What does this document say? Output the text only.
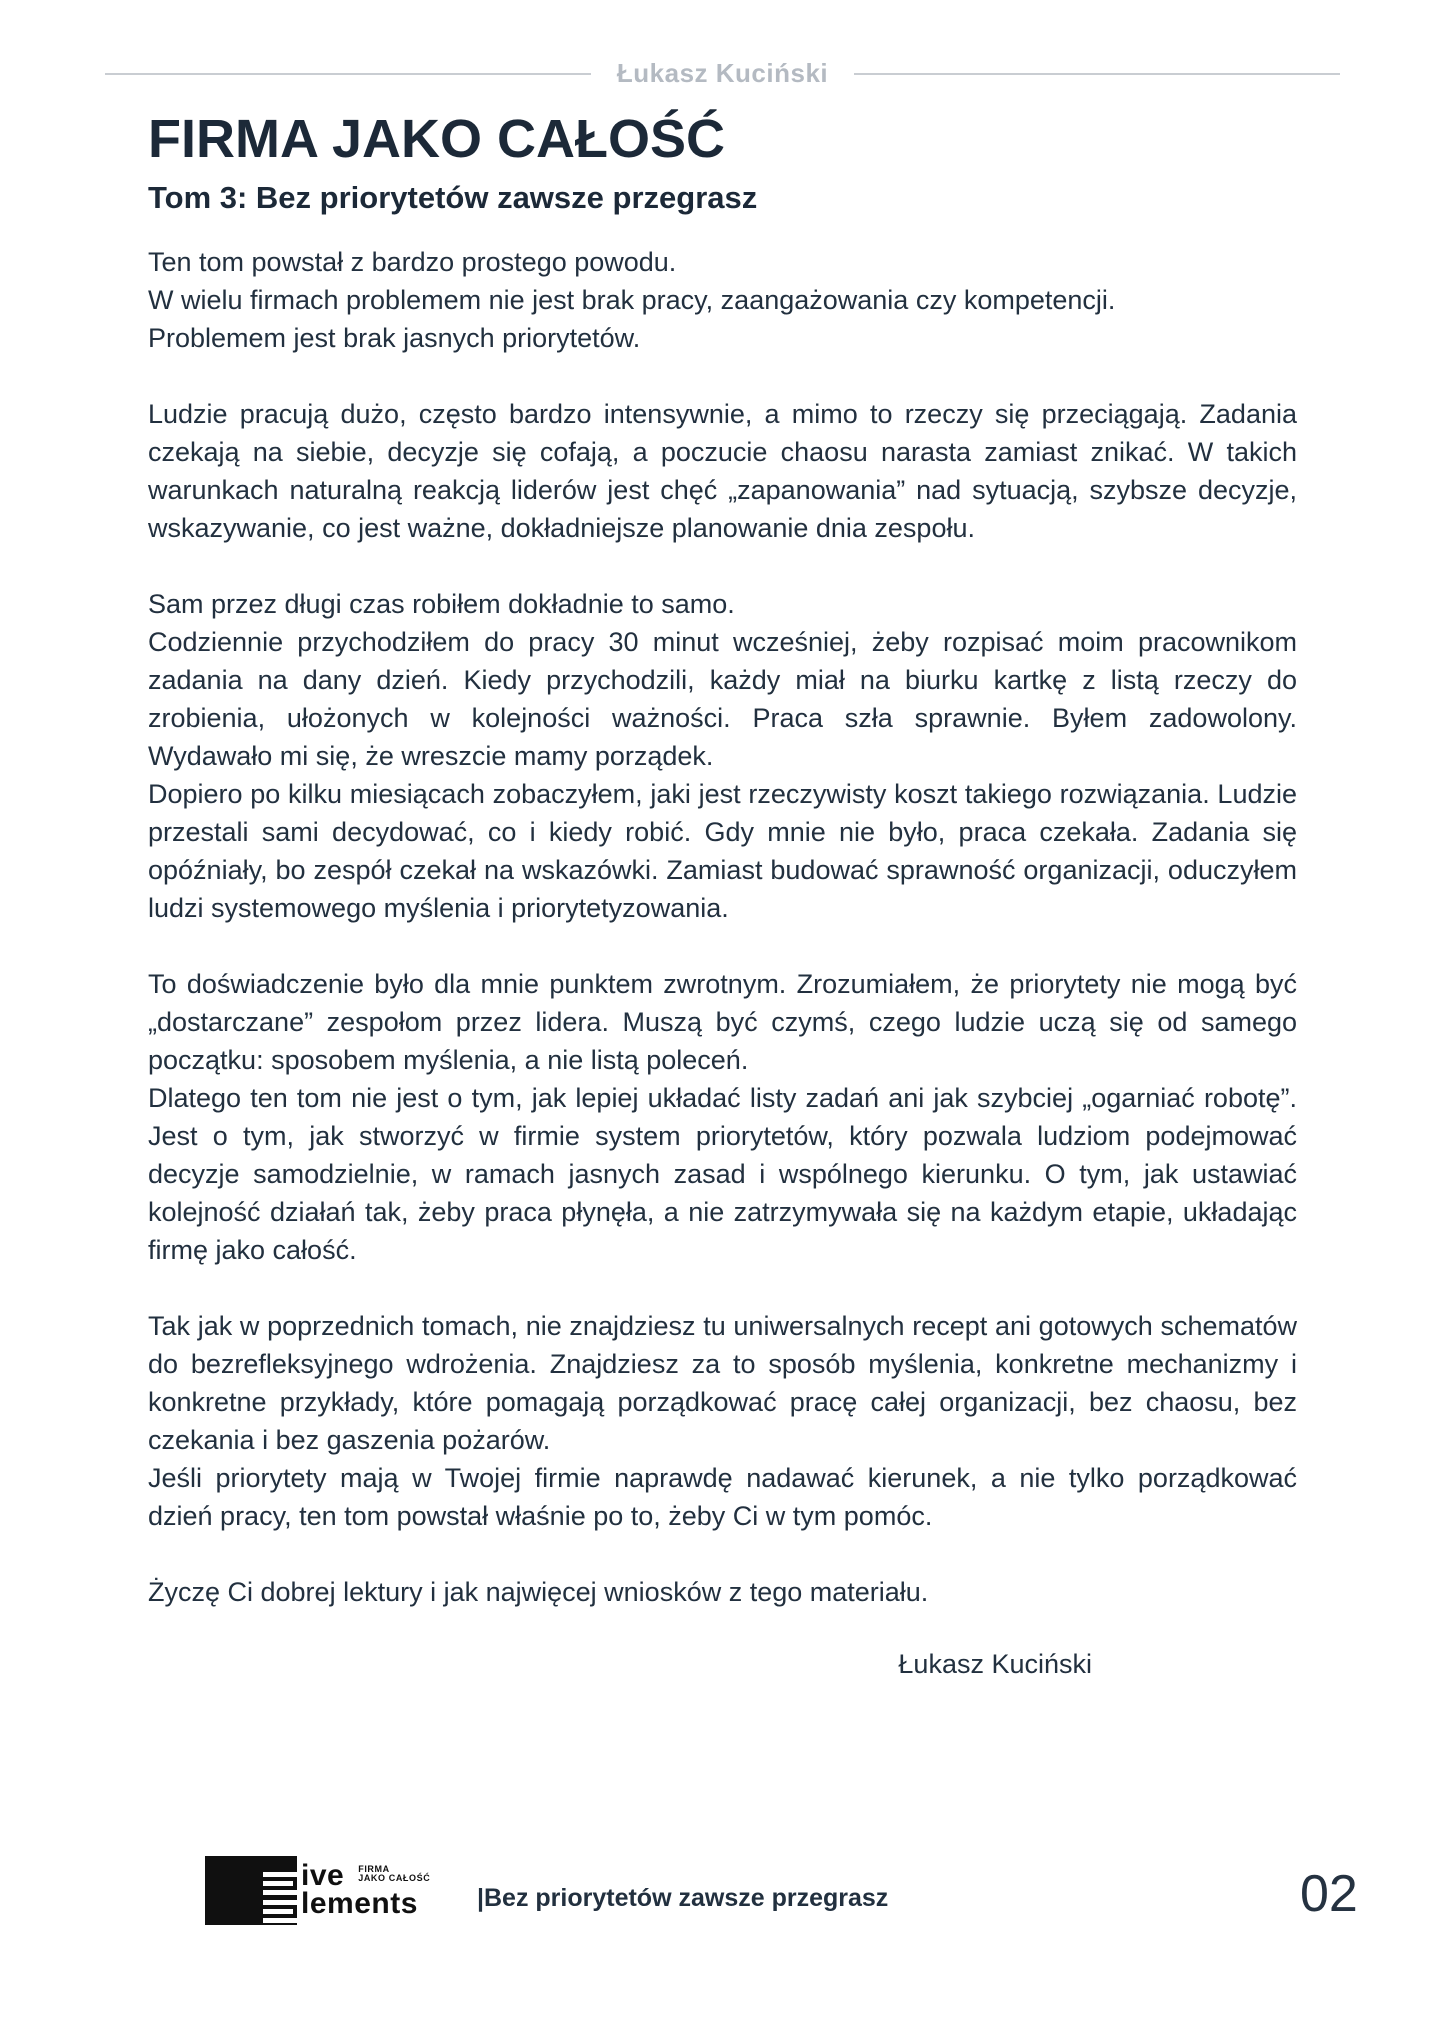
Łukasz Kuciński
FIRMA JAKO CAŁOŚĆ
Tom 3: Bez priorytetów zawsze przegrasz
Ten tom powstał z bardzo prostego powodu.
W wielu firmach problemem nie jest brak pracy, zaangażowania czy kompetencji.
Problemem jest brak jasnych priorytetów.
Ludzie pracują dużo, często bardzo intensywnie, a mimo to rzeczy się przeciągają. Zadania czekają na siebie, decyzje się cofają, a poczucie chaosu narasta zamiast znikać. W takich warunkach naturalną reakcją liderów jest chęć „zapanowania” nad sytuacją, szybsze decyzje, wskazywanie, co jest ważne, dokładniejsze planowanie dnia zespołu.
Sam przez długi czas robiłem dokładnie to samo.
Codziennie przychodziłem do pracy 30 minut wcześniej, żeby rozpisać moim pracownikom zadania na dany dzień. Kiedy przychodzili, każdy miał na biurku kartkę z listą rzeczy do zrobienia, ułożonych w kolejności ważności. Praca szła sprawnie. Byłem zadowolony. Wydawało mi się, że wreszcie mamy porządek.
Dopiero po kilku miesiącach zobaczyłem, jaki jest rzeczywisty koszt takiego rozwiązania. Ludzie przestali sami decydować, co i kiedy robić. Gdy mnie nie było, praca czekała. Zadania się opóźniały, bo zespół czekał na wskazówki. Zamiast budować sprawność organizacji, oduczyłem ludzi systemowego myślenia i priorytetyzowania.
To doświadczenie było dla mnie punktem zwrotnym. Zrozumiałem, że priorytety nie mogą być „dostarczane” zespołom przez lidera. Muszą być czymś, czego ludzie uczą się od samego początku: sposobem myślenia, a nie listą poleceń.
Dlatego ten tom nie jest o tym, jak lepiej układać listy zadań ani jak szybciej „ogarniać robotę”. Jest o tym, jak stworzyć w firmie system priorytetów, który pozwala ludziom podejmować decyzje samodzielnie, w ramach jasnych zasad i wspólnego kierunku. O tym, jak ustawiać kolejność działań tak, żeby praca płynęła, a nie zatrzymywała się na każdym etapie, układając firmę jako całość.
Tak jak w poprzednich tomach, nie znajdziesz tu uniwersalnych recept ani gotowych schematów do bezrefleksyjnego wdrożenia. Znajdziesz za to sposób myślenia, konkretne mechanizmy i konkretne przykłady, które pomagają porządkować pracę całej organizacji, bez chaosu, bez czekania i bez gaszenia pożarów.
Jeśli priorytety mają w Twojej firmie naprawdę nadawać kierunek, a nie tylko porządkować dzień pracy, ten tom powstał właśnie po to, żeby Ci w tym pomóc.
Życzę Ci dobrej lektury i jak najwięcej wniosków z tego materiału.
Łukasz Kuciński
ive FIRMA
JAKO CAŁOŚĆ
lements	|Bez priorytetów zawsze przegrasz	02
